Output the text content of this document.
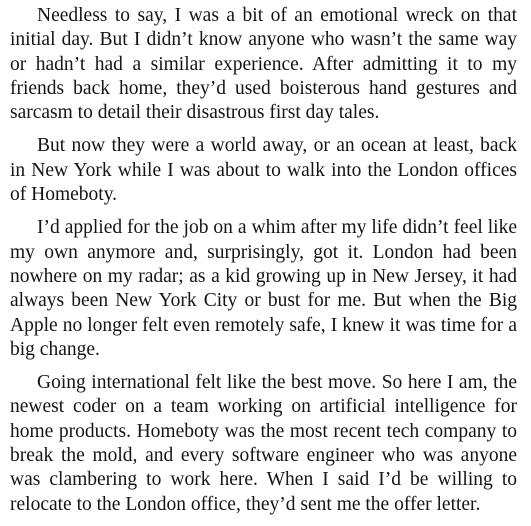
Needless to say, I was a bit of an emotional wreck on that initial day. But I didn’t know anyone who wasn’t the same way or hadn’t had a similar experience. After admitting it to my friends back home, they’d used boisterous hand gestures and sarcasm to detail their disastrous first day tales.

But now they were a world away, or an ocean at least, back in New York while I was about to walk into the London offices of Homeboty.

I’d applied for the job on a whim after my life didn’t feel like my own anymore and, surprisingly, got it. London had been nowhere on my radar; as a kid growing up in New Jersey, it had always been New York City or bust for me. But when the Big Apple no longer felt even remotely safe, I knew it was time for a big change.

Going international felt like the best move. So here I am, the newest coder on a team working on artificial intelligence for home products. Homeboty was the most recent tech company to break the mold, and every software engineer who was anyone was clambering to work here. When I said I’d be willing to relocate to the London office, they’d sent me the offer letter.
